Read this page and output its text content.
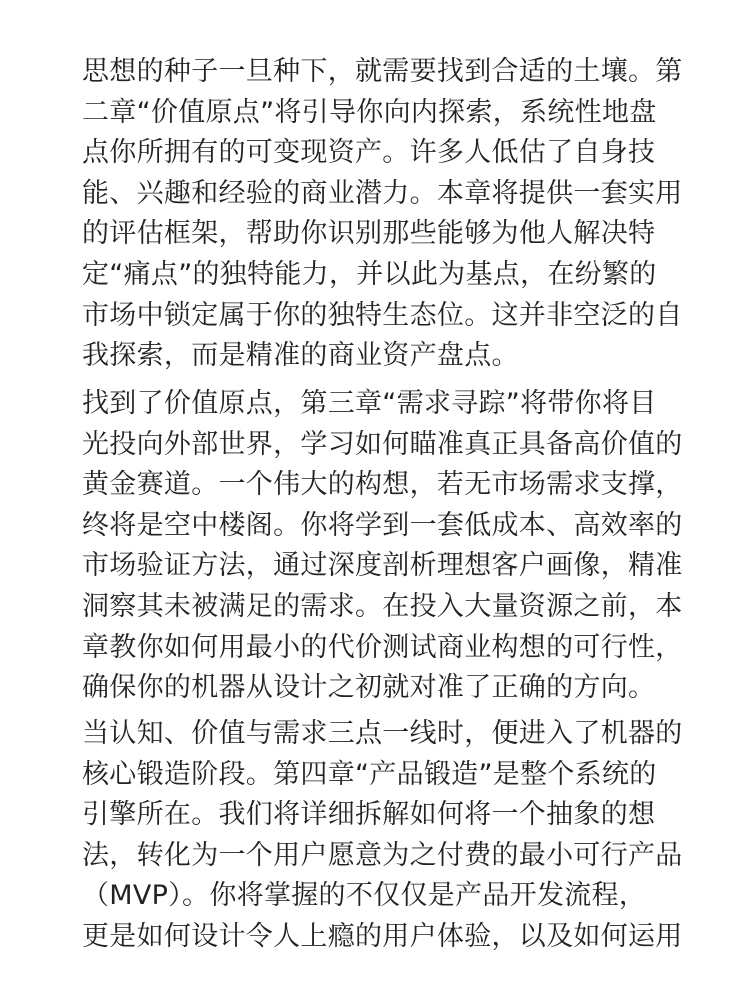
思想的种子一旦种下，就需要找到合适的土壤。第
二章“价值原点”将引导你向内探索，系统性地盘
点你所拥有的可变现资产。许多人低估了自身技
能、兴趣和经验的商业潜力。本章将提供一套实用
的评估框架，帮助你识别那些能够为他人解决特
定“痛点”的独特能力，并以此为基点，在纷繁的
市场中锁定属于你的独特生态位。这并非空泛的自
我探索，而是精准的商业资产盘点。
找到了价值原点，第三章“需求寻踪”将带你将目
光投向外部世界，学习如何瞄准真正具备高价值的
黄金赛道。一个伟大的构想，若无市场需求支撑，
终将是空中楼阁。你将学到一套低成本、高效率的
市场验证方法，通过深度剖析理想客户画像，精准
洞察其未被满足的需求。在投入大量资源之前，本
章教你如何用最小的代价测试商业构想的可行性，
确保你的机器从设计之初就对准了正确的方向。
当认知、价值与需求三点一线时，便进入了机器的
核心锻造阶段。第四章“产品锻造”是整个系统的
引擎所在。我们将详细拆解如何将一个抽象的想
法，转化为一个用户愿意为之付费的最小可行产品
（MVP）。你将掌握的不仅仅是产品开发流程，
更是如何设计令人上瘾的用户体验，以及如何运用
